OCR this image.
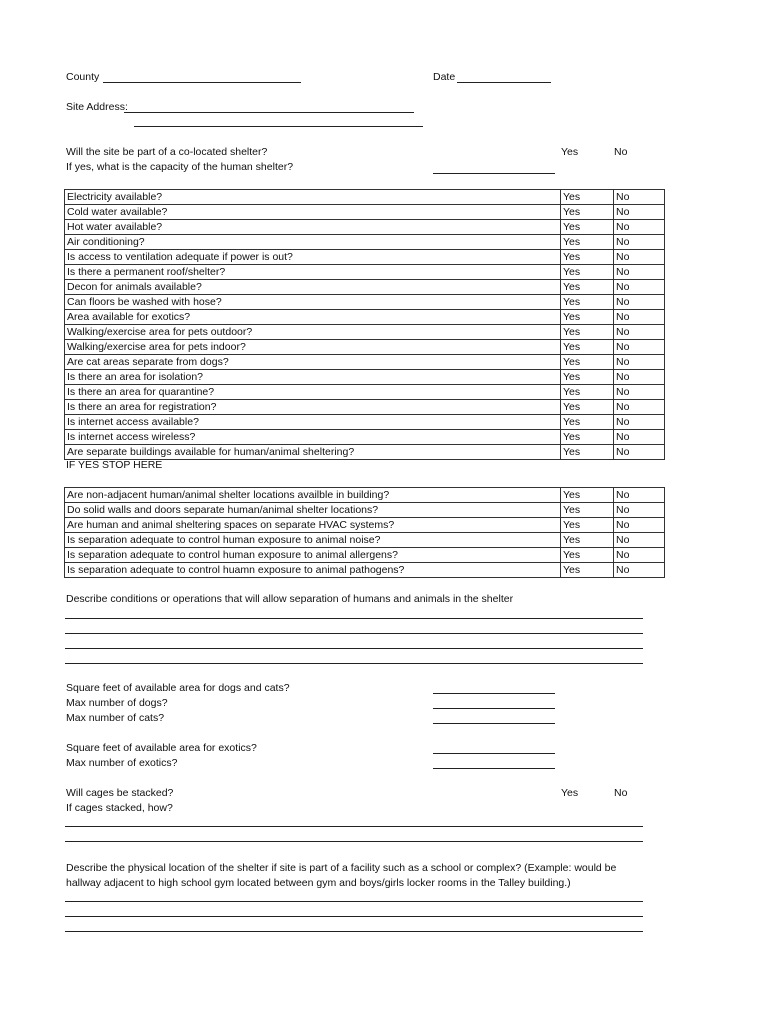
County	Date
Site Address:
Will the site be part of a co-located shelter?	Yes	No
If yes, what is the capacity of the human shelter?
Electricity available?	Yes	No
Cold water available?	Yes	No
Hot water available?	Yes	No
Air conditioning?	Yes	No
Is access to ventilation adequate if power is out?	Yes	No
Is there a permanent roof/shelter?	Yes	No
Decon for animals available?	Yes	No
Can floors be washed with hose?	Yes	No
Area available for exotics?	Yes	No
Walking/exercise area for pets outdoor?	Yes	No
Walking/exercise area for pets indoor?	Yes	No
Are cat areas separate from dogs?	Yes	No
Is there an area for isolation?	Yes	No
Is there an area for quarantine?	Yes	No
Is there an area for registration?	Yes	No
Is internet access available?	Yes	No
Is internet access wireless?	Yes	No
Are separate buildings available for human/animal sheltering?	Yes	No
IF YES STOP HERE
Are non-adjacent human/animal shelter locations availble in building?	Yes	No
Do solid walls and doors separate human/animal shelter locations?	Yes	No
Are human and animal sheltering spaces on separate HVAC systems?	Yes	No
Is separation adequate to control human exposure to animal noise?	Yes	No
Is separation adequate to control human exposure to animal allergens?	Yes	No
Is separation adequate to control huamn exposure to animal pathogens?	Yes	No
Describe conditions or operations that will allow separation of humans and animals in the shelter
Square feet of available area for dogs and cats?
Max number of dogs?
Max number of cats?
Square feet of available area for exotics?
Max number of exotics?
Will cages be stacked?	Yes	No
If cages stacked, how?
Describe the physical location of the shelter if site is part of a facility such as a school or complex? (Example: would be
hallway adjacent to high school gym located between gym and boys/girls locker rooms in the Talley building.)
